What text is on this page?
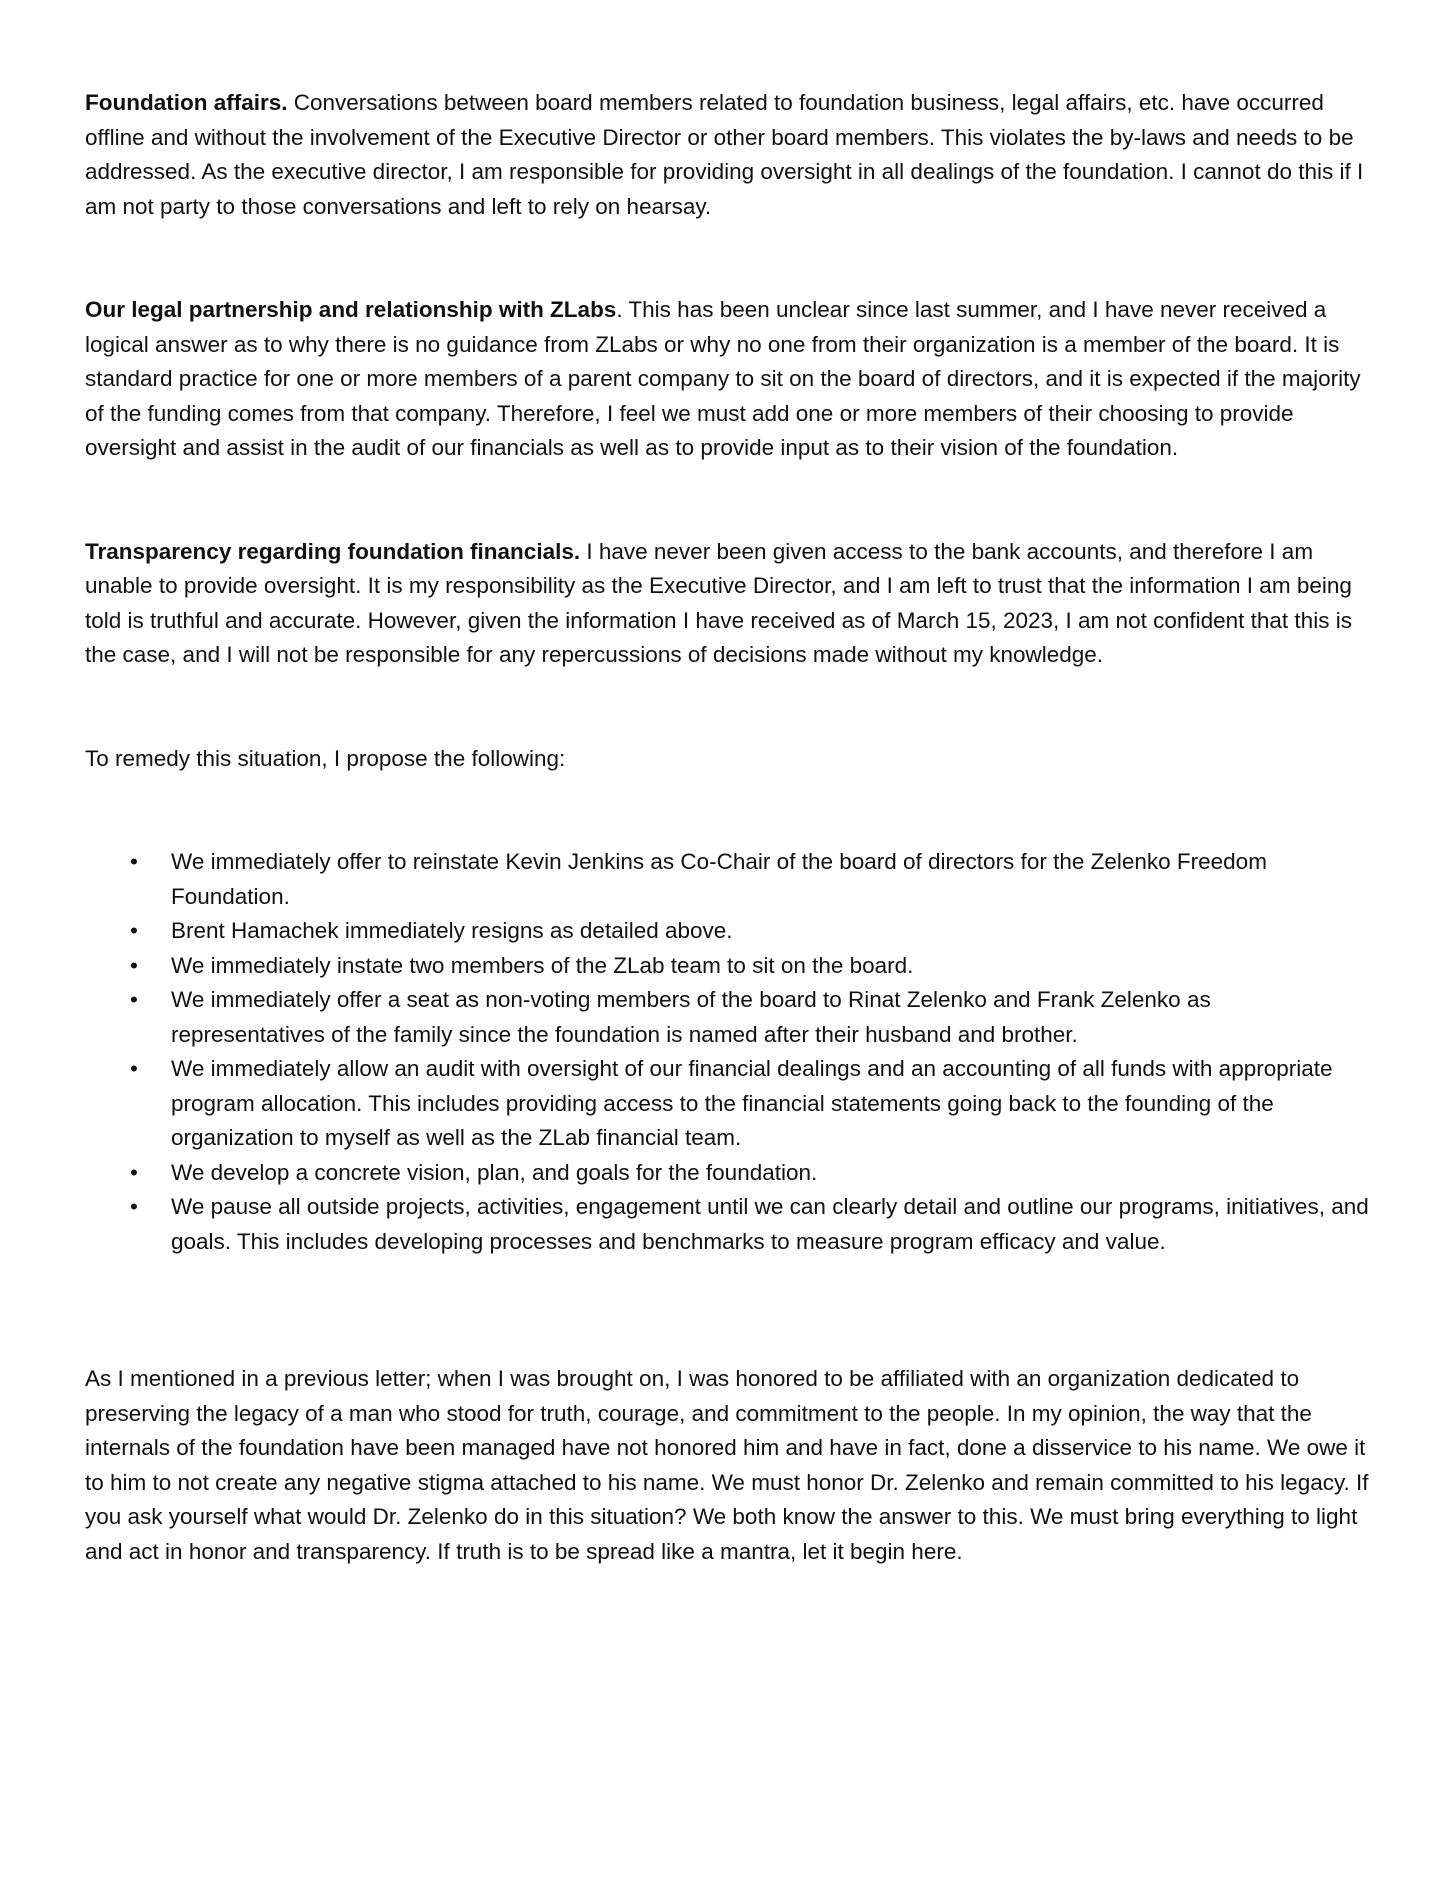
Foundation affairs. Conversations between board members related to foundation business, legal affairs, etc. have occurred offline and without the involvement of the Executive Director or other board members. This violates the by-laws and needs to be addressed. As the executive director, I am responsible for providing oversight in all dealings of the foundation. I cannot do this if I am not party to those conversations and left to rely on hearsay.

Our legal partnership and relationship with ZLabs. This has been unclear since last summer, and I have never received a logical answer as to why there is no guidance from ZLabs or why no one from their organization is a member of the board. It is standard practice for one or more members of a parent company to sit on the board of directors, and it is expected if the majority of the funding comes from that company. Therefore, I feel we must add one or more members of their choosing to provide oversight and assist in the audit of our financials as well as to provide input as to their vision of the foundation.

Transparency regarding foundation financials. I have never been given access to the bank accounts, and therefore I am unable to provide oversight. It is my responsibility as the Executive Director, and I am left to trust that the information I am being told is truthful and accurate. However, given the information I have received as of March 15, 2023, I am not confident that this is the case, and I will not be responsible for any repercussions of decisions made without my knowledge.

To remedy this situation, I propose the following:

• We immediately offer to reinstate Kevin Jenkins as Co-Chair of the board of directors for the Zelenko Freedom Foundation.
• Brent Hamachek immediately resigns as detailed above.
• We immediately instate two members of the ZLab team to sit on the board.
• We immediately offer a seat as non-voting members of the board to Rinat Zelenko and Frank Zelenko as representatives of the family since the foundation is named after their husband and brother.
• We immediately allow an audit with oversight of our financial dealings and an accounting of all funds with appropriate program allocation. This includes providing access to the financial statements going back to the founding of the organization to myself as well as the ZLab financial team.
• We develop a concrete vision, plan, and goals for the foundation.
• We pause all outside projects, activities, engagement until we can clearly detail and outline our programs, initiatives, and goals. This includes developing processes and benchmarks to measure program efficacy and value.

As I mentioned in a previous letter; when I was brought on, I was honored to be affiliated with an organization dedicated to preserving the legacy of a man who stood for truth, courage, and commitment to the people. In my opinion, the way that the internals of the foundation have been managed have not honored him and have in fact, done a disservice to his name. We owe it to him to not create any negative stigma attached to his name. We must honor Dr. Zelenko and remain committed to his legacy. If you ask yourself what would Dr. Zelenko do in this situation? We both know the answer to this. We must bring everything to light and act in honor and transparency. If truth is to be spread like a mantra, let it begin here.
